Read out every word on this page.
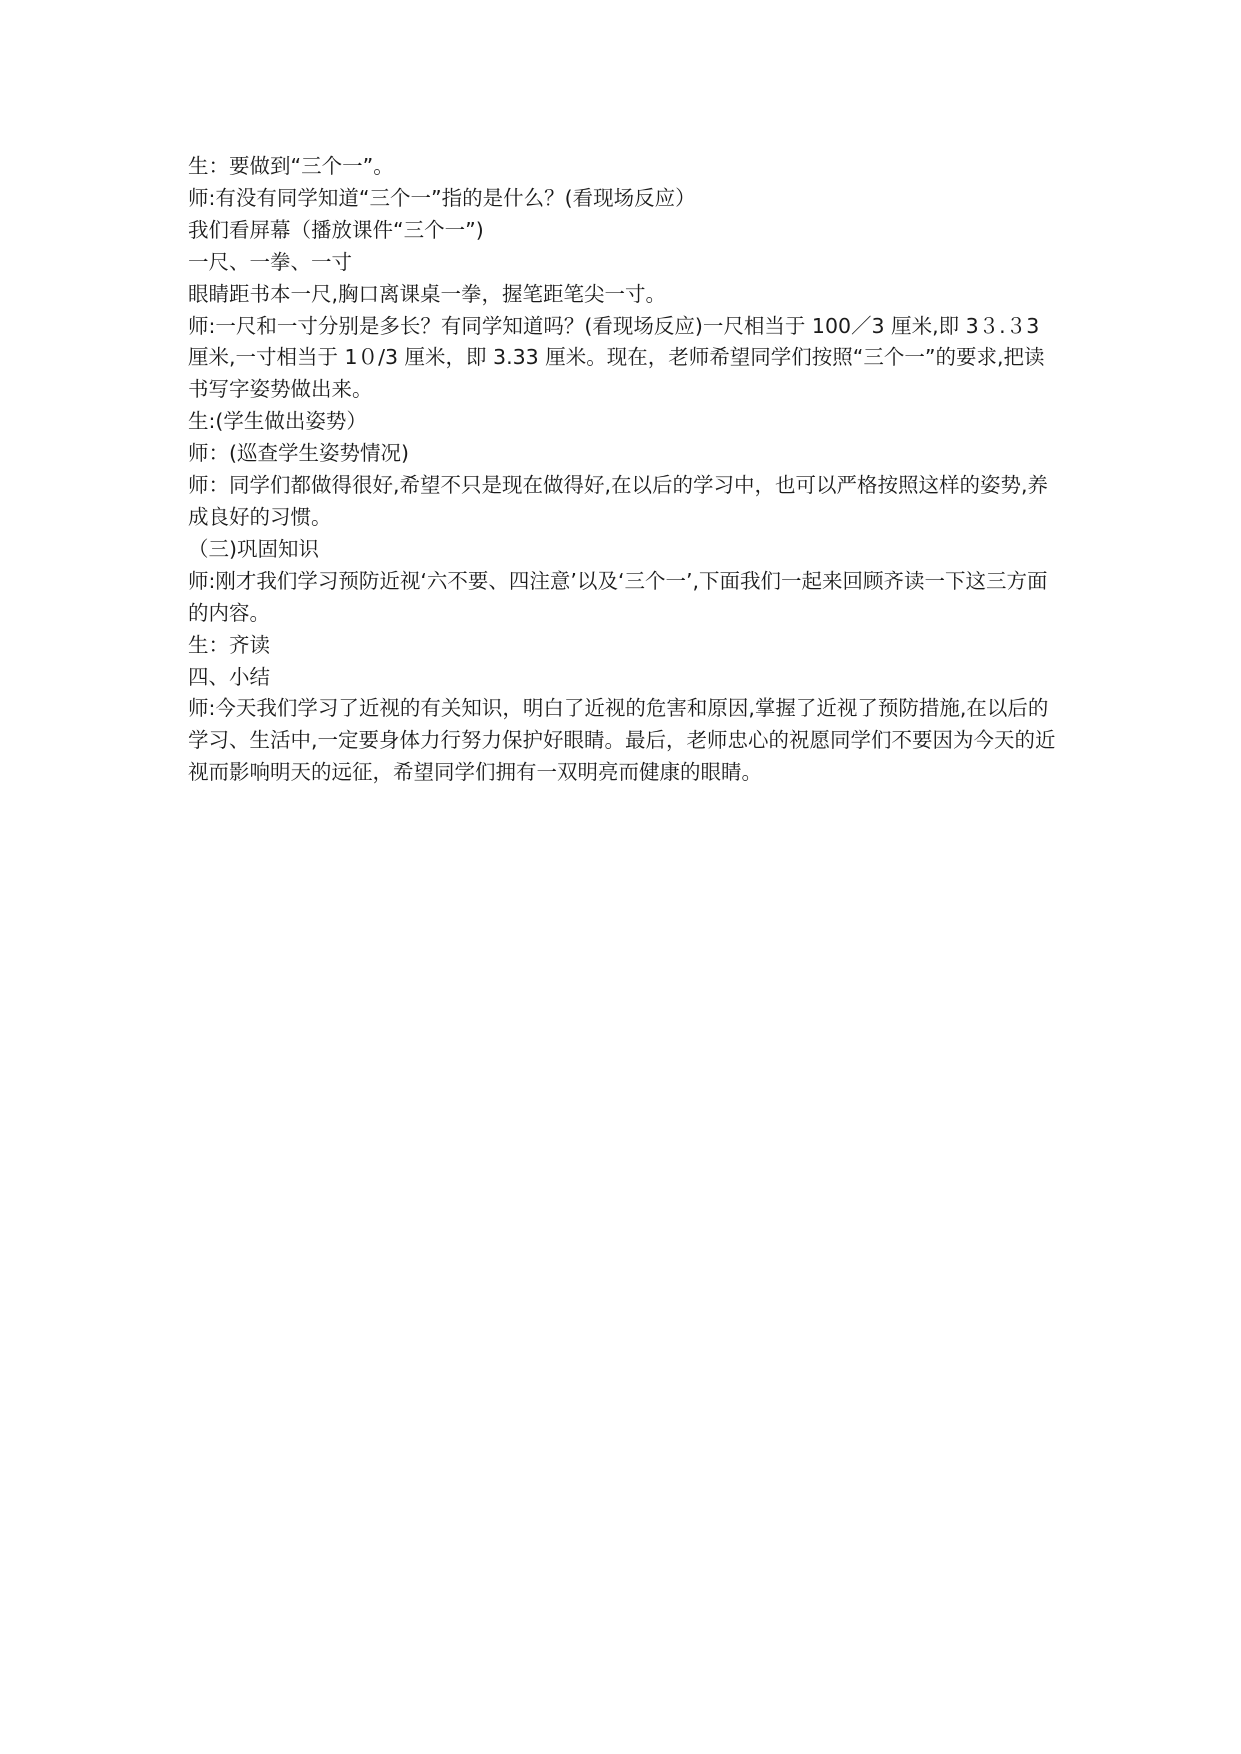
生：要做到“三个一”。

师:有没有同学知道“三个一”指的是什么？(看现场反应）

我们看屏幕（播放课件“三个一”)

一尺、一拳、一寸

眼睛距书本一尺,胸口离课桌一拳，握笔距笔尖一寸。

师:一尺和一寸分别是多长？有同学知道吗？(看现场反应)一尺相当于 100／3 厘米,即 3３.３3 厘米,一寸相当于 1０/3 厘米，即 3.33 厘米。现在，老师希望同学们按照“三个一”的要求,把读书写字姿势做出来。

生:(学生做出姿势）

师：(巡查学生姿势情况)

师：同学们都做得很好,希望不只是现在做得好,在以后的学习中，也可以严格按照这样的姿势,养成良好的习惯。

（三)巩固知识

师:刚才我们学习预防近视‘六不要、四注意’以及‘三个一’,下面我们一起来回顾齐读一下这三方面的内容。

生：齐读

四、小结

师:今天我们学习了近视的有关知识，明白了近视的危害和原因,掌握了近视了预防措施,在以后的学习、生活中,一定要身体力行努力保护好眼睛。最后，老师忠心的祝愿同学们不要因为今天的近视而影响明天的远征，希望同学们拥有一双明亮而健康的眼睛。
